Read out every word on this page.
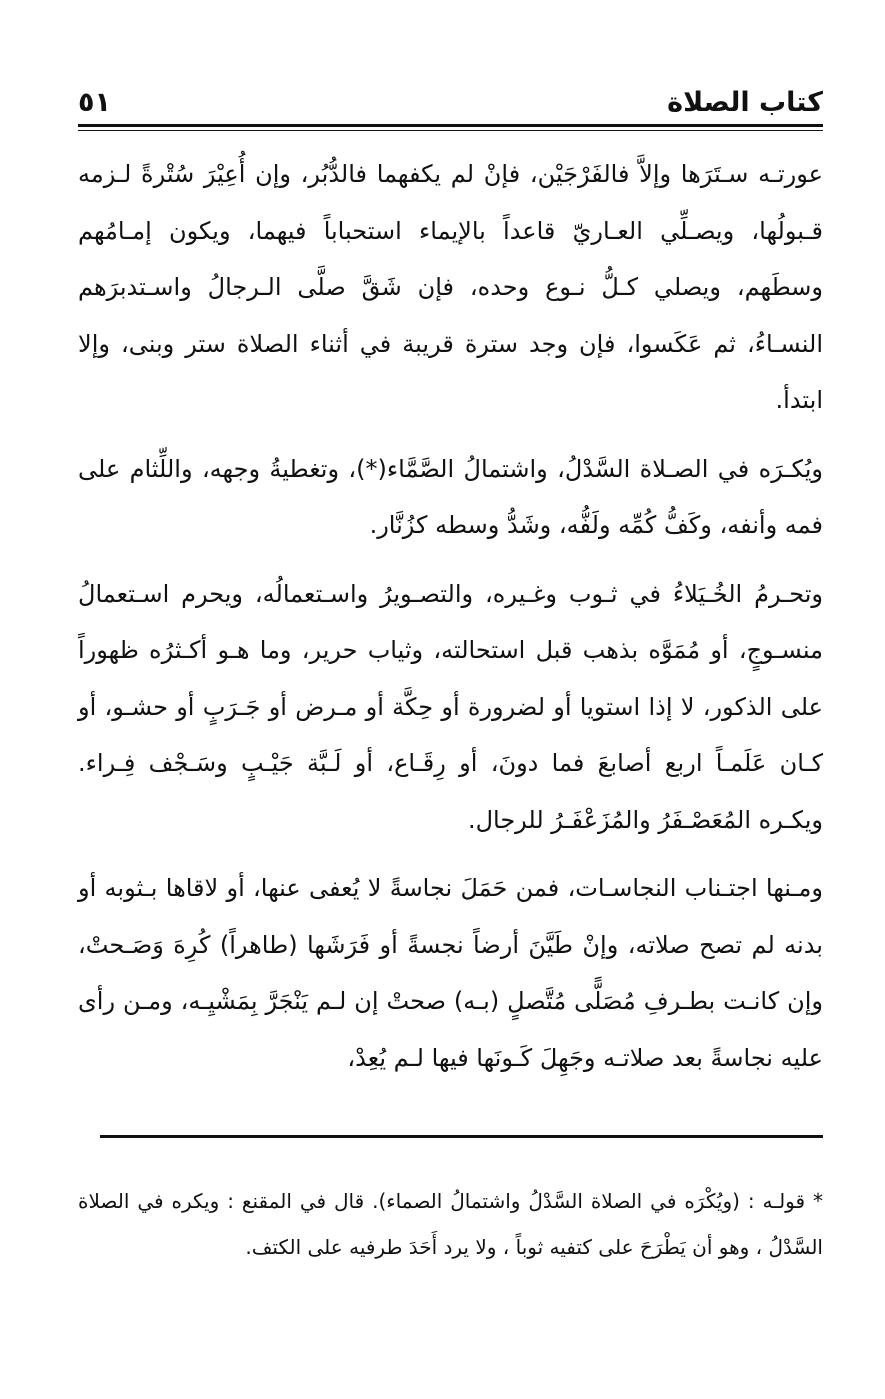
كتاب الصلاة
٥١

عورتـه سـتَرَها وإلاَّ فالفَرْجَيْن، فإنْ لم يكفهما فالدُّبُر، وإن أُعِيْرَ سُتْرةً لـزمه قـبولُها، ويصـلِّي العـاريّ قاعداً بالإيماء استحباباً فيهما، ويكون إمـامُهم وسطَهم، ويصلي كـلُّ نـوع وحده، فإن شَقَّ صلَّى الـرجالُ واسـتدبرَهم النسـاءُ، ثم عَكَسوا، فإن وجد سترة قريبة في أثناء الصلاة ستر وبنى، وإلا ابتدأ.

ويُكـرَه في الصـلاة السَّدْلُ، واشتمالُ الصَّمَّاء(*)، وتغطيةُ وجهه، واللِّثام على فمه وأنفه، وكَفُّ كُمِّه ولَفُّه، وشَدُّ وسطه كزُنَّار.

وتحـرمُ الخُـيَلاءُ في ثـوب وغـيره، والتصـويرُ واسـتعمالُه، ويحرم اسـتعمالُ منسـوجٍ، أو مُمَوَّه بذهب قبل استحالته، وثياب حرير، وما هـو أكـثرُه ظهوراً على الذكور، لا إذا استويا أو لضرورة أو حِكَّة أو مـرض أو جَـرَبٍ أو حشـو، أو كـان عَلَمـاً اربع أصابعَ فما دونَ، أو رِقَـاع، أو لَـبَّة جَيْـبٍ وسَـجْف فِـراء. ويكـره المُعَصْـفَرُ والمُزَعْفَـرُ للرجال.

ومـنها اجتـناب النجاسـات، فمن حَمَلَ نجاسةً لا يُعفى عنها، أو لاقاها بـثوبه أو بدنه لم تصح صلاته، وإنْ طَيَّنَ أرضاً نجسةً أو فَرَشَها (طاهراً) كُرِهَ وَصَـحتْ، وإن كانـت بطـرفِ مُصَلًّى مُتَّصلٍ (بـه) صحتْ إن لـم يَنْجَرَّ بِمَشْيِـه، ومـن رأى عليه نجاسةً بعد صلاتـه وجَهِلَ كَـونَها فيها لـم يُعِدْ،

* قولـه : (ويُكْرَه في الصلاة السَّدْلُ واشتمالُ الصماء). قال في المقنع : ويكره في الصلاة السَّدْلُ ، وهو أن يَطْرَحَ على كتفيه ثوباً ، ولا يرد أَحَدَ طرفيه على الكتف.
